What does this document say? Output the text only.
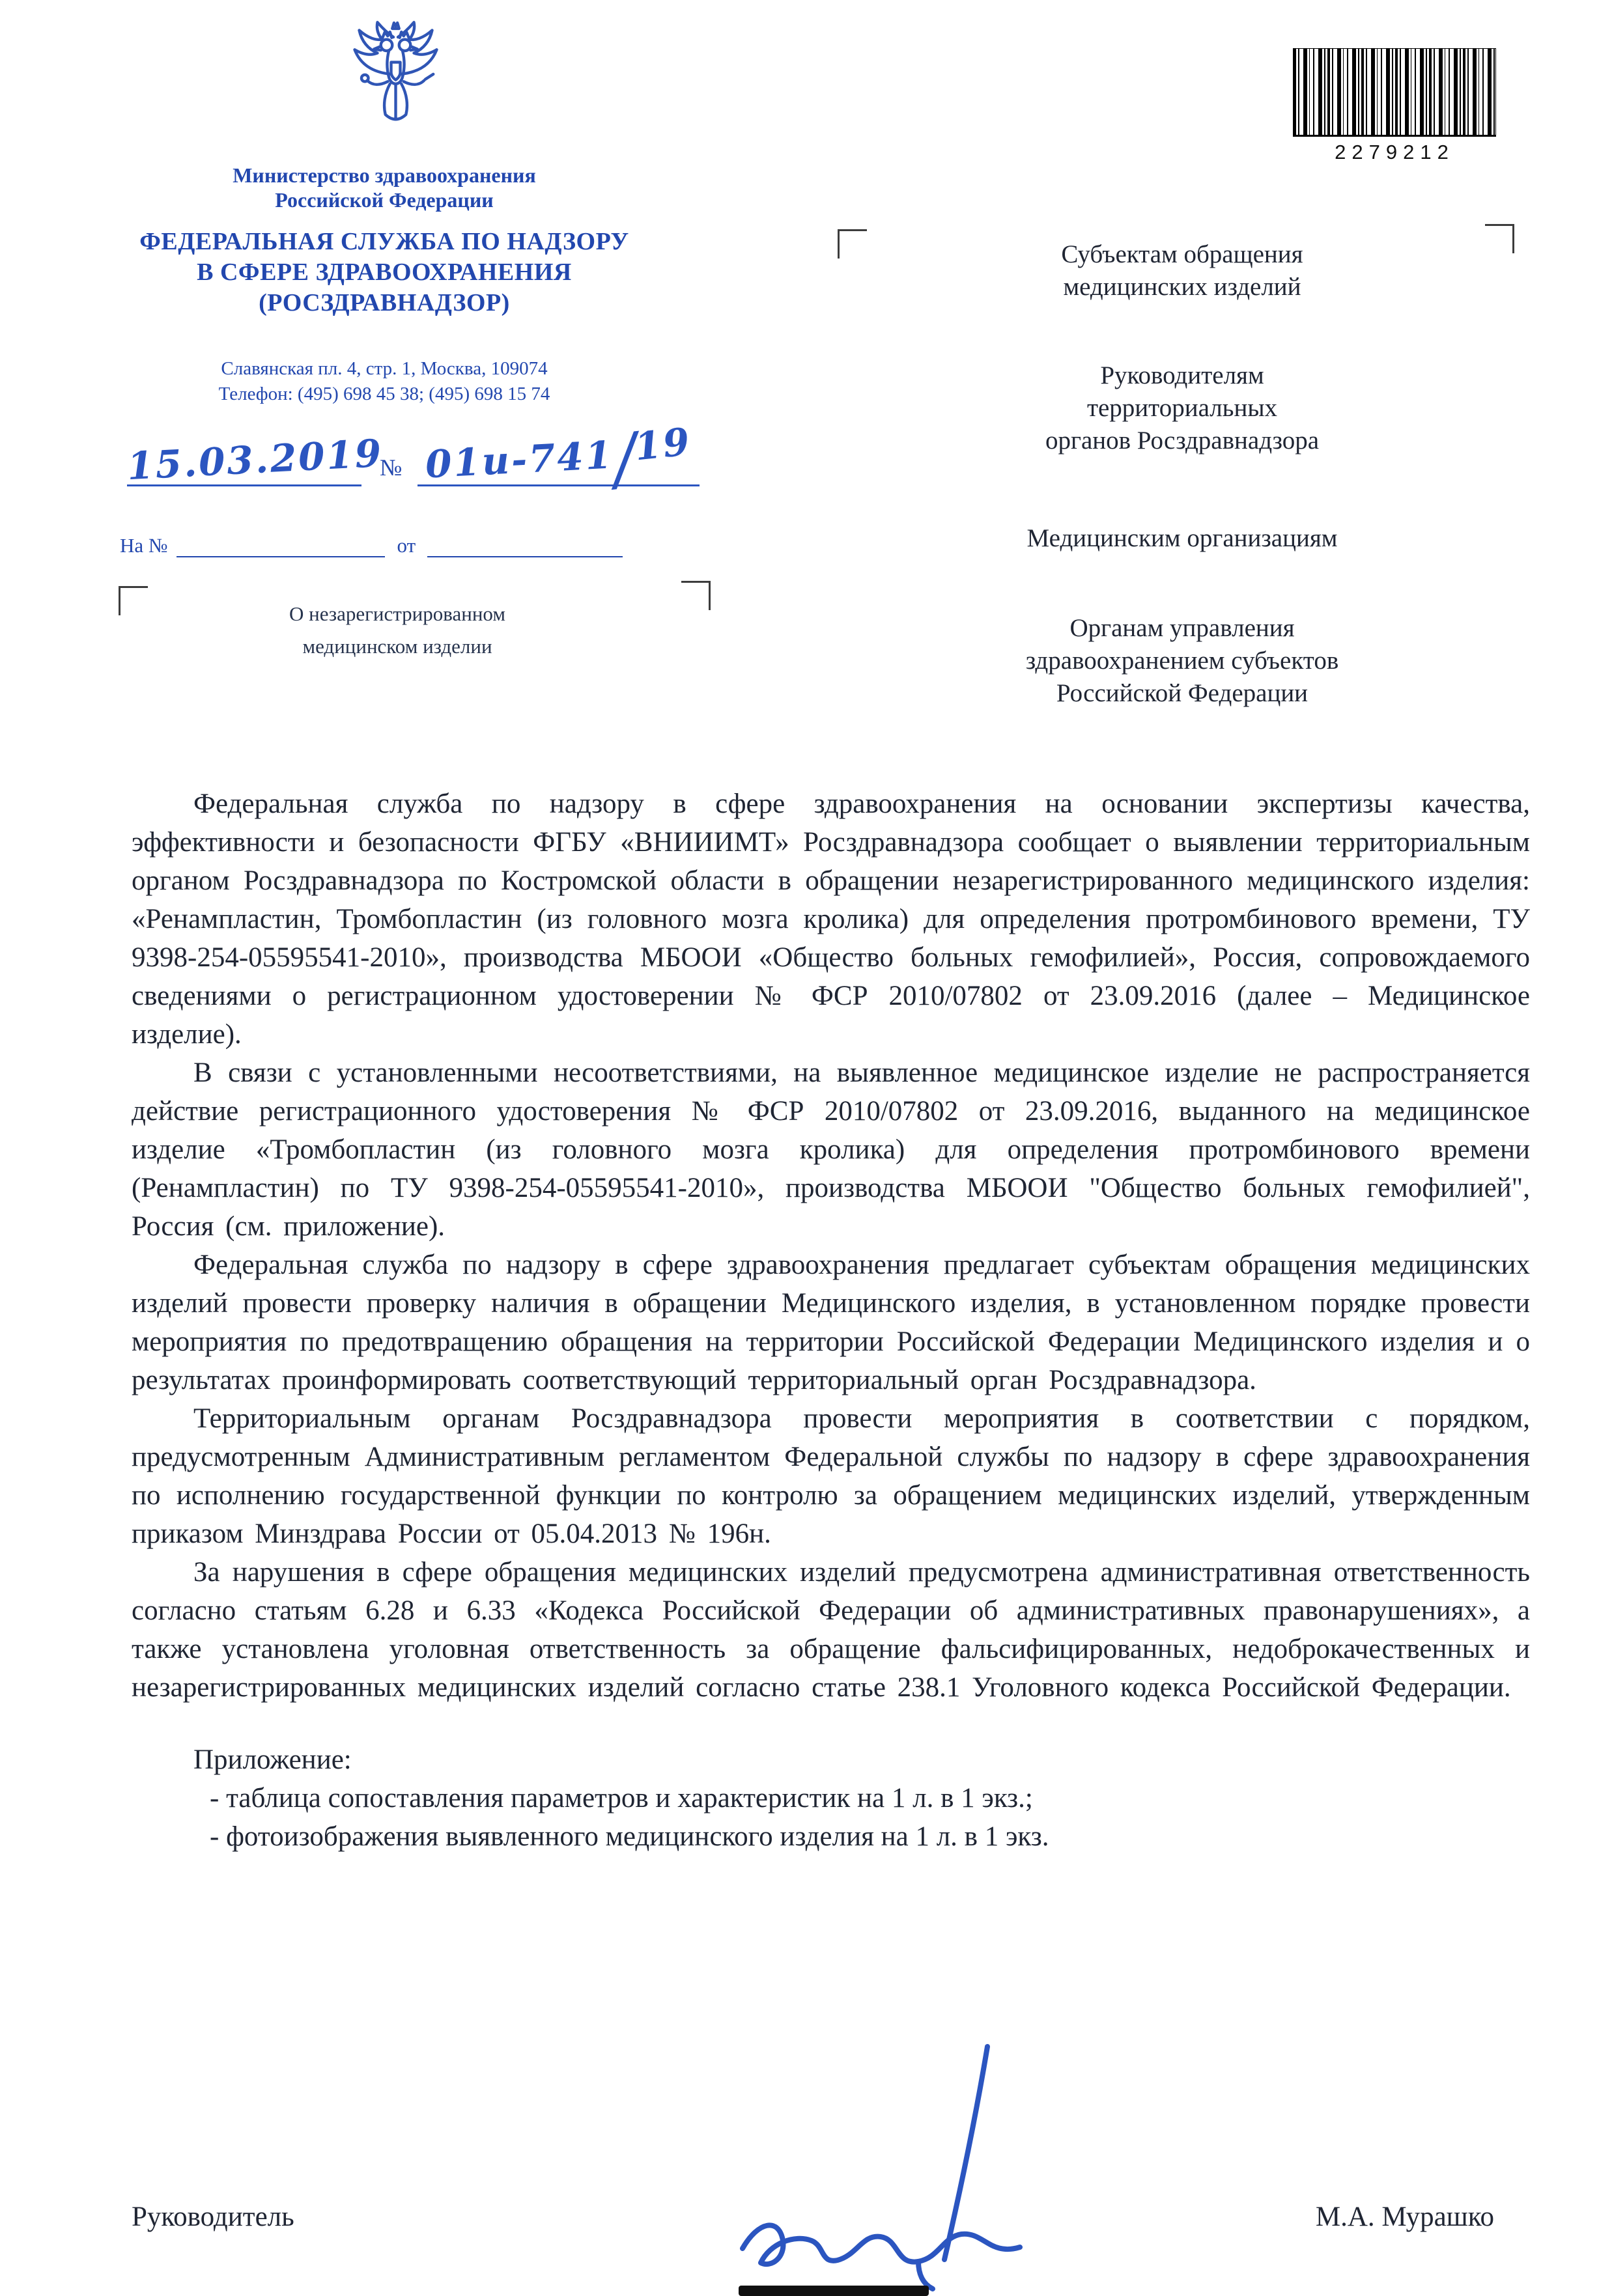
Министерство здравоохранения
Российской Федерации
ФЕДЕРАЛЬНАЯ СЛУЖБА ПО НАДЗОРУ
В СФЕРЕ ЗДРАВООХРАНЕНИЯ
(РОСЗДРАВНАДЗОР)
Славянская пл. 4, стр. 1, Москва, 109074
Телефон: (495) 698 45 38; (495) 698 15 74
15.03.2019№ 01и-741/19
На №	от
О незарегистрированном
медицинском изделии
Субъектам обращения
медицинских изделий
Руководителям
территориальных
органов Росздравнадзора
Медицинским организациям
Органам управления
здравоохранением субъектов
Российской Федерации
2279212

Федеральная служба по надзору в сфере здравоохранения на основании экспертизы качества, эффективности и безопасности ФГБУ «ВНИИИМТ» Росздравнадзора сообщает о выявлении территориальным органом Росздравнадзора по Костромской области в обращении незарегистрированного медицинского изделия: «Ренампластин, Тромбопластин (из головного мозга кролика) для определения протромбинового времени, ТУ 9398-254-05595541-2010», производства МБООИ «Общество больных гемофилией», Россия, сопровождаемого сведениями о регистрационном удостоверении № ФСР 2010/07802 от 23.09.2016 (далее – Медицинское изделие).

В связи с установленными несоответствиями, на выявленное медицинское изделие не распространяется действие регистрационного удостоверения № ФСР 2010/07802 от 23.09.2016, выданного на медицинское изделие «Тромбопластин (из головного мозга кролика) для определения протромбинового времени (Ренампластин) по ТУ 9398-254-05595541-2010», производства МБООИ "Общество больных гемофилией", Россия (см. приложение).

Федеральная служба по надзору в сфере здравоохранения предлагает субъектам обращения медицинских изделий провести проверку наличия в обращении Медицинского изделия, в установленном порядке провести мероприятия по предотвращению обращения на территории Российской Федерации Медицинского изделия и о результатах проинформировать соответствующий территориальный орган Росздравнадзора.

Территориальным органам Росздравнадзора провести мероприятия в соответствии с порядком, предусмотренным Административным регламентом Федеральной службы по надзору в сфере здравоохранения по исполнению государственной функции по контролю за обращением медицинских изделий, утвержденным приказом Минздрава России от 05.04.2013 № 196н.

За нарушения в сфере обращения медицинских изделий предусмотрена административная ответственность согласно статьям 6.28 и 6.33 «Кодекса Российской Федерации об административных правонарушениях», а также установлена уголовная ответственность за обращение фальсифицированных, недоброкачественных и незарегистрированных медицинских изделий согласно статье 238.1 Уголовного кодекса Российской Федерации.

Приложение:

- таблица сопоставления параметров и характеристик на 1 л. в 1 экз.;

- фотоизображения выявленного медицинского изделия на 1 л. в 1 экз.

Руководитель	М.А. Мурашко
